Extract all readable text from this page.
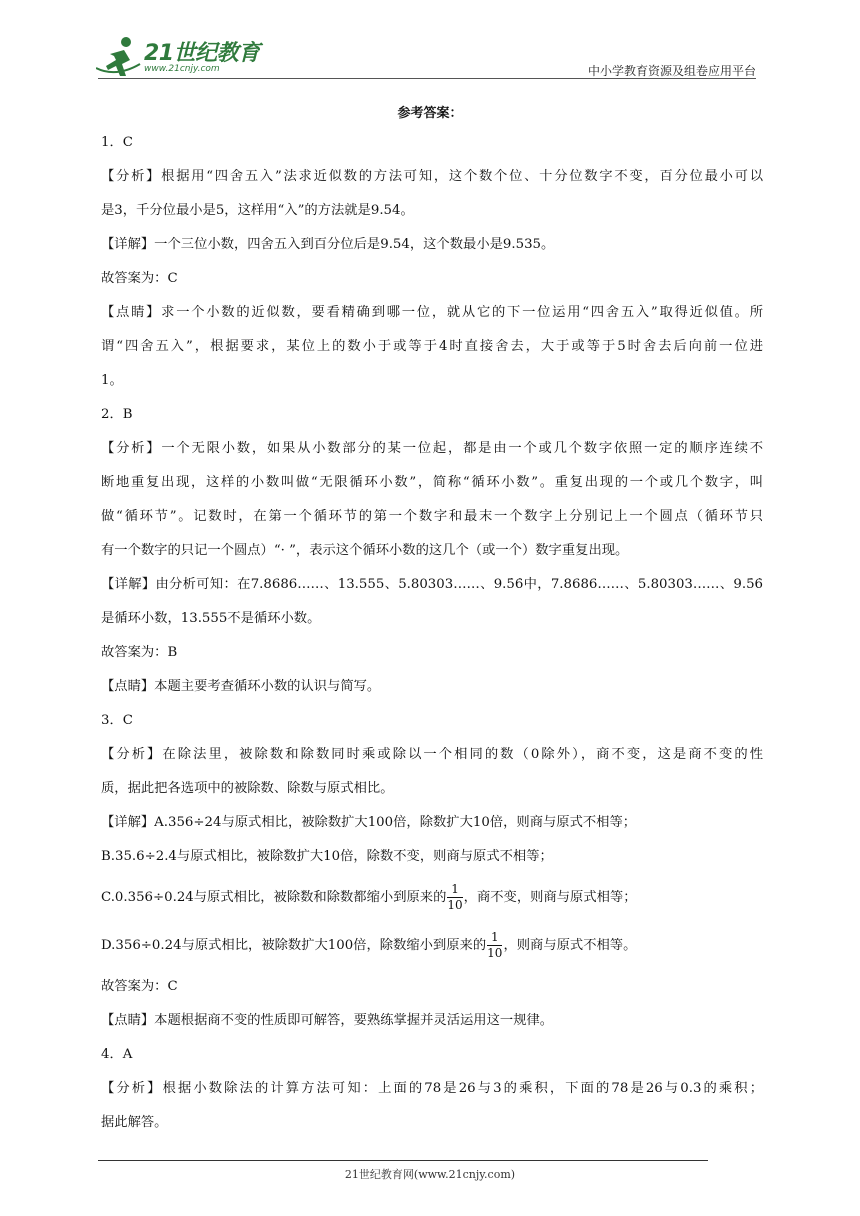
21世纪教育
www.21cnjy.com	中小学教育资源及组卷应用平台
参考答案：
1．C
【分析】根据用“四舍五入”法求近似数的方法可知，这个数个位、十分位数字不变，百分位最小可以
是3，千分位最小是5，这样用“入”的方法就是9.54。
【详解】一个三位小数，四舍五入到百分位后是9.54，这个数最小是9.535。
故答案为：C
【点睛】求一个小数的近似数，要看精确到哪一位，就从它的下一位运用“四舍五入”取得近似值。所
谓“四舍五入”，根据要求，某位上的数小于或等于4时直接舍去，大于或等于5时舍去后向前一位进
1。
2．B
【分析】一个无限小数，如果从小数部分的某一位起，都是由一个或几个数字依照一定的顺序连续不
断地重复出现，这样的小数叫做“无限循环小数”，简称“循环小数”。重复出现的一个或几个数字，叫
做“循环节”。记数时，在第一个循环节的第一个数字和最末一个数字上分别记上一个圆点（循环节只
有一个数字的只记一个圆点）“· ”，表示这个循环小数的这几个（或一个）数字重复出现。
【详解】由分析可知：在7.8686……、13.555、5.80303……、9.5̇6̇中，7.8686……、5.80303……、9.5̇6̇
是循环小数，13.555不是循环小数。
故答案为：B
【点睛】本题主要考查循环小数的认识与简写。
3．C
【分析】在除法里，被除数和除数同时乘或除以一个相同的数（0除外），商不变，这是商不变的性
质，据此把各选项中的被除数、除数与原式相比。
【详解】A.356÷24与原式相比，被除数扩大100倍，除数扩大10倍，则商与原式不相等；
B.35.6÷2.4与原式相比，被除数扩大10倍，除数不变，则商与原式不相等；
C.0.356÷0.24与原式相比，被除数和除数都缩小到原来的 $\frac{1}{10}$ ，商不变，则商与原式相等；
D.356÷0.24与原式相比，被除数扩大100倍，除数缩小到原来的 $\frac{1}{10}$ ，则商与原式不相等。
故答案为：C
【点睛】本题根据商不变的性质即可解答，要熟练掌握并灵活运用这一规律。
4．A
【分析】根据小数除法的计算方法可知：上面的78是26与3的乘积，下面的78是26与0.3的乘积；
据此解答。
21世纪教育网(www.21cnjy.com)
